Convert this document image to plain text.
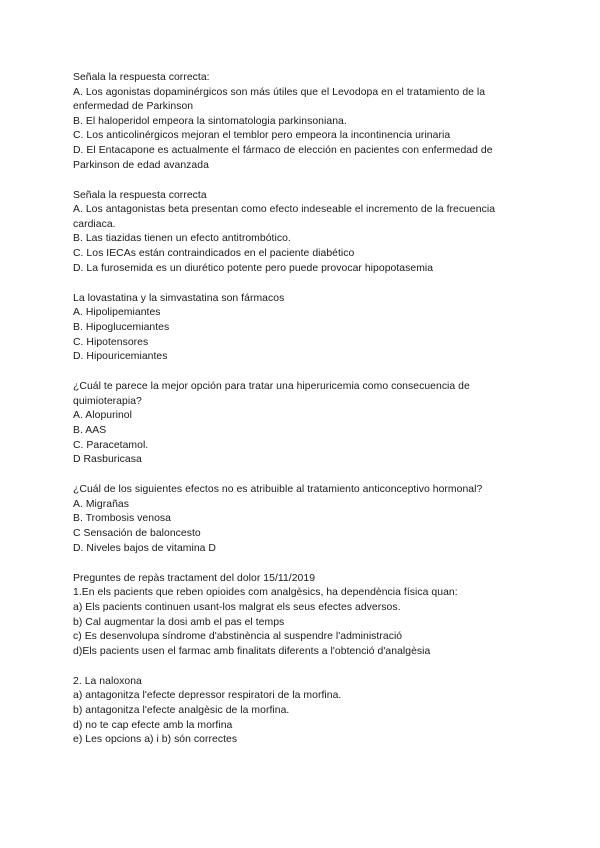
Señala la respuesta correcta:
A. Los agonistas dopaminérgicos son más útiles que el Levodopa en el tratamiento de la
enfermedad de Parkinson
B. El haloperidol empeora la sintomatologia parkinsoniana.
C. Los anticolinérgicos mejoran el temblor pero empeora la incontinencia urinaria
D. El Entacapone es actualmente el fármaco de elección en pacientes con enfermedad de
Parkinson de edad avanzada
Señala la respuesta correcta
A. Los antagonistas beta presentan como efecto indeseable el incremento de la frecuencia
cardiaca.
B. Las tiazidas tienen un efecto antitrombótico.
C. Los IECAs están contraindicados en el paciente diabético
D. La furosemida es un diurético potente pero puede provocar hipopotasemia
La lovastatina y la simvastatina son fármacos
A. Hipolipemiantes
B. Hipoglucemiantes
C. Hipotensores
D. Hipouricemiantes
¿Cuál te parece la mejor opción para tratar una hiperuricemia como consecuencia de
quimioterapia?
A. Alopurinol
B. AAS
C. Paracetamol.
D Rasburicasa
¿Cuál de los siguientes efectos no es atribuible al tratamiento anticonceptivo hormonal?
A. Migrañas
B. Trombosis venosa
C Sensación de baloncesto
D. Niveles bajos de vitamina D
Preguntes de repàs tractament del dolor 15/11/2019
1.En els pacients que reben opioides com analgèsics, ha dependència física quan:
a) Els pacients continuen usant-los malgrat els seus efectes adversos.
b) Cal augmentar la dosi amb el pas el temps
c) Es desenvolupa síndrome d'abstinència al suspendre l'administració
d)Els pacients usen el farmac amb finalitats diferents a l'obtenció d'analgèsia
2. La naloxona
a) antagonitza l'efecte depressor respiratori de la morfina.
b) antagonitza l'efecte analgèsic de la morfina.
d) no te cap efecte amb la morfina
e) Les opcions a) i b) són correctes
